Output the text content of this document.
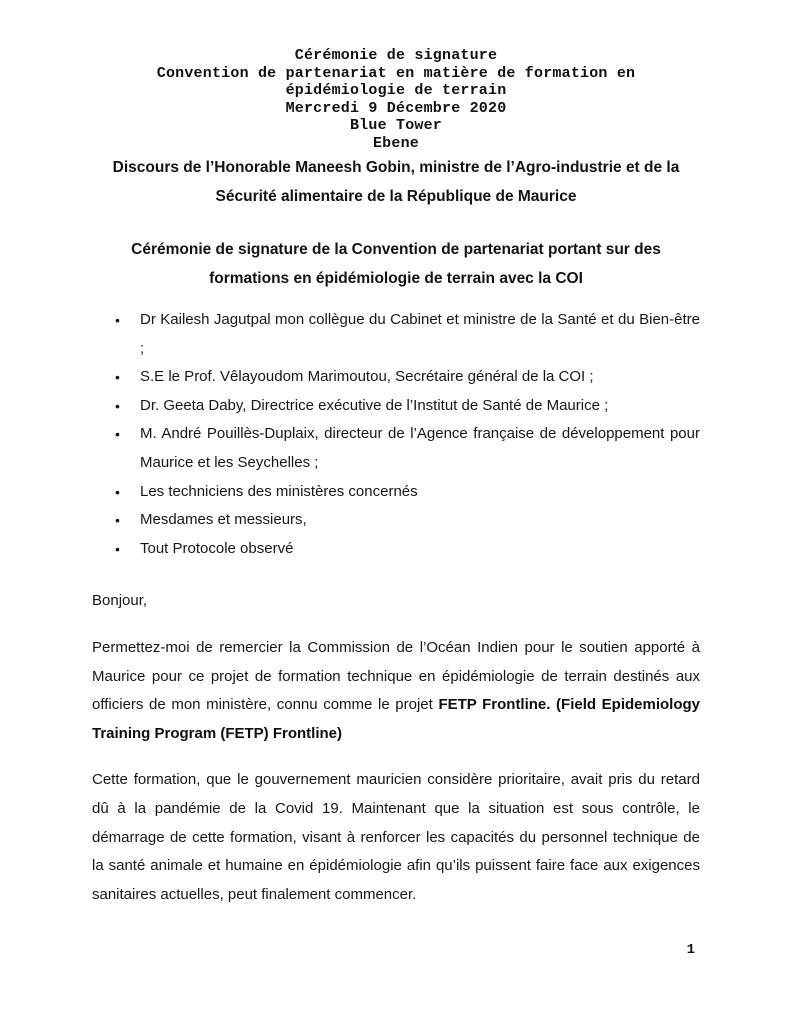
Cérémonie de signature
Convention de partenariat en matière de formation en
épidémiologie de terrain
Mercredi 9 Décembre 2020
Blue Tower
Ebene
Discours de l’Honorable Maneesh Gobin, ministre de l’Agro-industrie et de la Sécurité alimentaire de la République de Maurice
Cérémonie de signature de la Convention de partenariat portant sur des formations en épidémiologie de terrain avec la COI
• Dr Kailesh Jagutpal mon collègue du Cabinet et ministre de la Santé et du Bien-être ;
• S.E le Prof. Vêlayoudom Marimoutou, Secrétaire général de la COI ;
• Dr. Geeta Daby, Directrice exécutive de l’Institut de Santé de Maurice ;
• M. André Pouillès-Duplaix, directeur de l’Agence française de développement pour Maurice et les Seychelles ;
• Les techniciens des ministères concernés
• Mesdames et messieurs,
• Tout Protocole observé
Bonjour,

Permettez-moi de remercier la Commission de l’Océan Indien pour le soutien apporté à Maurice pour ce projet de formation technique en épidémiologie de terrain destinés aux officiers de mon ministère, connu comme le projet FETP Frontline. (Field Epidemiology Training Program (FETP) Frontline)

Cette formation, que le gouvernement mauricien considère prioritaire, avait pris du retard dû à la pandémie de la Covid 19. Maintenant que la situation est sous contrôle, le démarrage de cette formation, visant à renforcer les capacités du personnel technique de la santé animale et humaine en épidémiologie afin qu’ils puissent faire face aux exigences sanitaires actuelles, peut finalement commencer.

1
